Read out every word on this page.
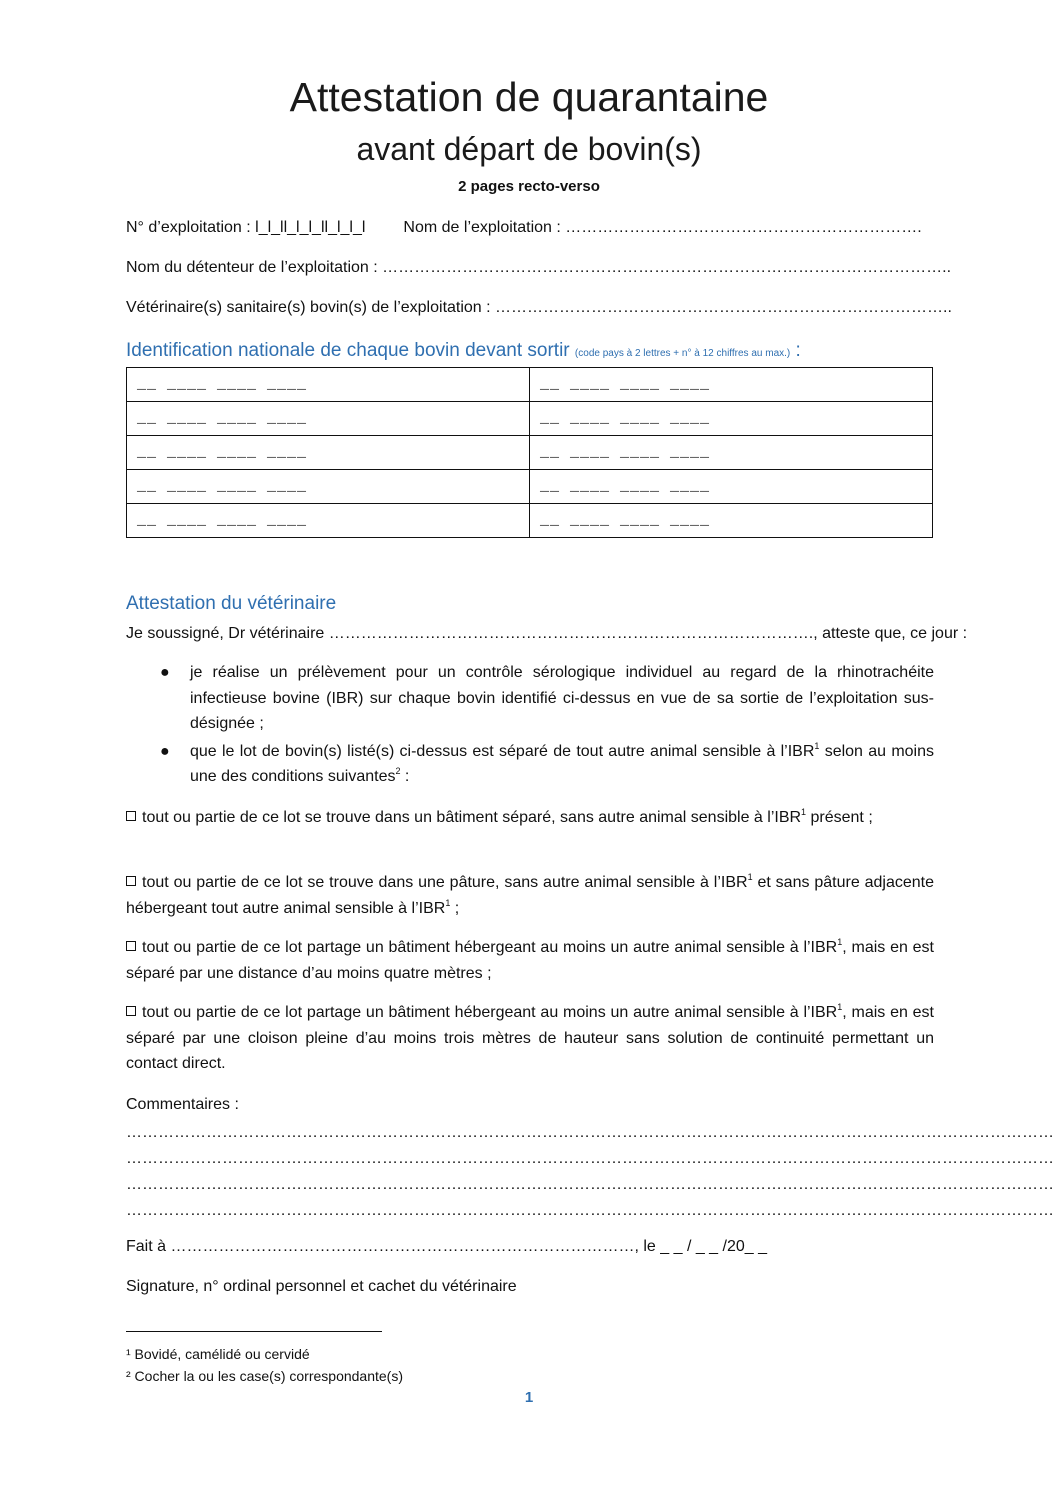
Attestation de quarantaine
avant départ de bovin(s)
2 pages recto-verso
N° d’exploitation : l_l_ll_l_l_ll_l_l_l Nom de l’exploitation : ………………………………………………………….
Nom du détenteur de l’exploitation : ……………………………………………………………………………………………..
Vétérinaire(s) sanitaire(s) bovin(s) de l’exploitation : …………………………………………………………………………..
Identification nationale de chaque bovin devant sortir (code pays à 2 lettres + n° à 12 chiffres au max.) :
__ ____ ____ ____	__ ____ ____ ____
__ ____ ____ ____	__ ____ ____ ____
__ ____ ____ ____	__ ____ ____ ____
__ ____ ____ ____	__ ____ ____ ____
__ ____ ____ ____	__ ____ ____ ____
Attestation du vétérinaire
Je soussigné, Dr vétérinaire ………………………………………………………………………………., atteste que, ce jour :
● je réalise un prélèvement pour un contrôle sérologique individuel au regard de la rhinotrachéite infectieuse bovine (IBR) sur chaque bovin identifié ci-dessus en vue de sa sortie de l’exploitation sus-désignée ;
● que le lot de bovin(s) listé(s) ci-dessus est séparé de tout autre animal sensible à l’IBR$^1$ selon au moins une des conditions suivantes$^2$ :
tout ou partie de ce lot se trouve dans un bâtiment séparé, sans autre animal sensible à l’IBR$^1$ présent ;
tout ou partie de ce lot se trouve dans une pâture, sans autre animal sensible à l’IBR$^1$ et sans pâture adjacente hébergeant tout autre animal sensible à l’IBR$^1$ ;
tout ou partie de ce lot partage un bâtiment hébergeant au moins un autre animal sensible à l’IBR$^1$, mais en est séparé par une distance d’au moins quatre mètres ;
tout ou partie de ce lot partage un bâtiment hébergeant au moins un autre animal sensible à l’IBR$^1$, mais en est séparé par une cloison pleine d’au moins trois mètres de hauteur sans solution de continuité permettant un contact direct.
Commentaires :
…………………………………………………………………………………………………………………………………………………………
…………………………………………………………………………………………………………………………………………………………
…………………………………………………………………………………………………………………………………………………………
…………………………………………………………………………………………………………………………………………………………
Fait à ……………………………………………………………………………, le _ _ / _ _ /20_ _
Signature, n° ordinal personnel et cachet du vétérinaire
¹ Bovidé, camélidé ou cervidé
² Cocher la ou les case(s) correspondante(s)
1
